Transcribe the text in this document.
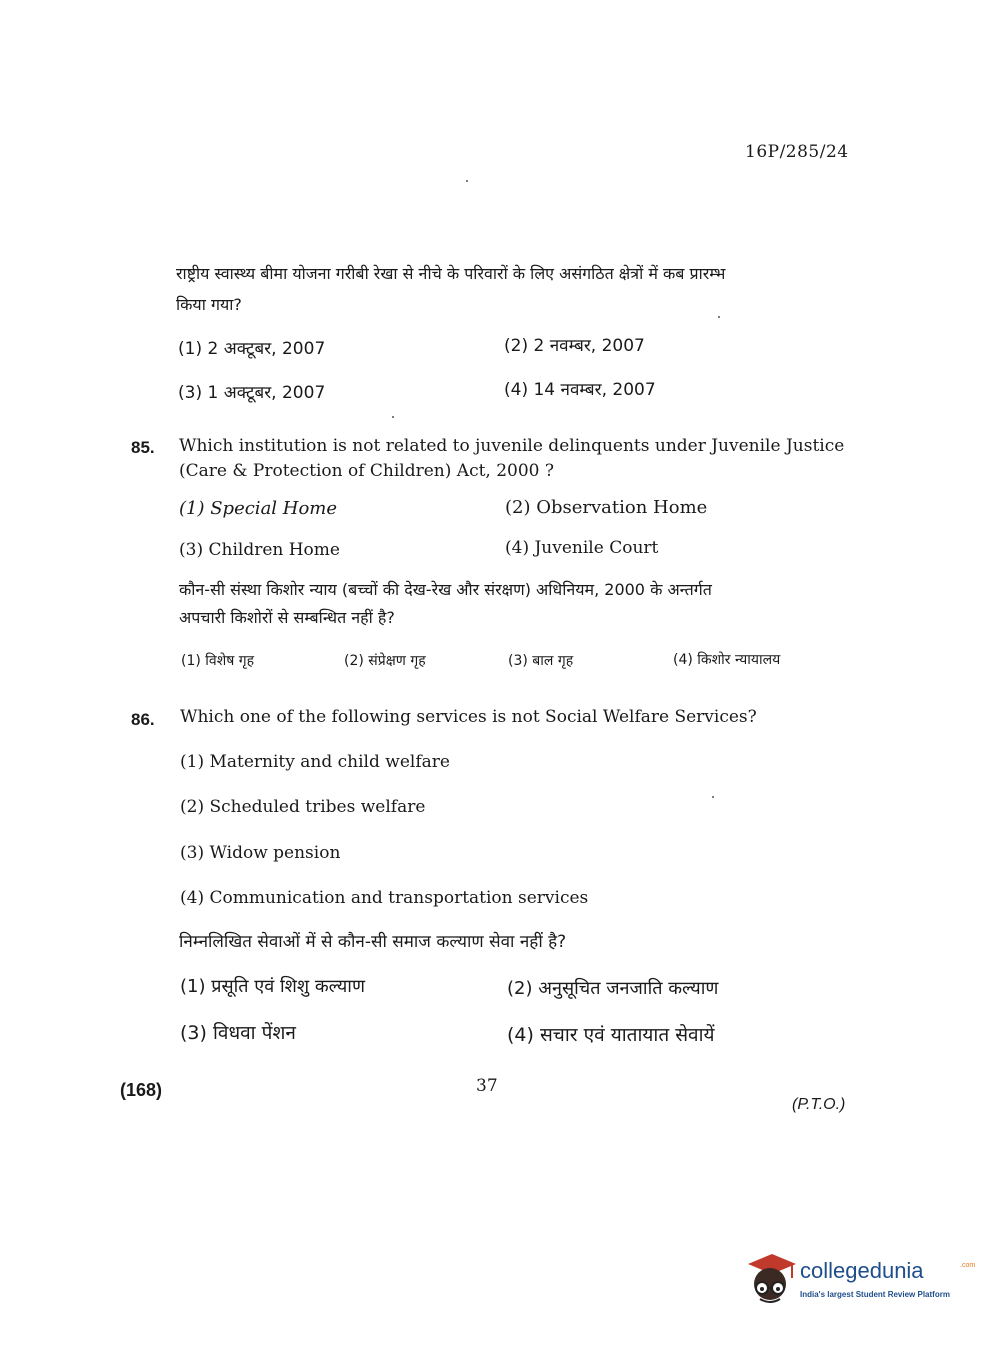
16P/285/24
राष्ट्रीय स्वास्थ्य बीमा योजना गरीबी रेखा से नीचे के परिवारों के लिए असंगठित क्षेत्रों में कब प्रारम्भ
किया गया?
(1) 2 अक्टूबर, 2007	(2) 2 नवम्बर, 2007
(3) 1 अक्टूबर, 2007	(4) 14 नवम्बर, 2007
85. Which institution is not related to juvenile delinquents under Juvenile Justice
(Care & Protection of Children) Act, 2000 ?
(1) Special Home	(2) Observation Home
(3) Children Home	(4) Juvenile Court
कौन-सी संस्था किशोर न्याय (बच्चों की देख-रेख और संरक्षण) अधिनियम, 2000 के अन्तर्गत
अपचारी किशोरों से सम्बन्धित नहीं है?
(1) विशेष गृह	(2) संप्रेक्षण गृह	(3) बाल गृह	(4) किशोर न्यायालय
86. Which one of the following services is not Social Welfare Services?
(1) Maternity and child welfare
(2) Scheduled tribes welfare
(3) Widow pension
(4) Communication and transportation services
निम्नलिखित सेवाओं में से कौन-सी समाज कल्याण सेवा नहीं है?
(1) प्रसूति एवं शिशु कल्याण	(2) अनुसूचित जनजाति कल्याण
(3) विधवा पेंशन	(4) सचार एवं यातायात सेवायें
(168)	37
(P.T.O.)
collegedunia	.com
India's largest Student Review Platform
